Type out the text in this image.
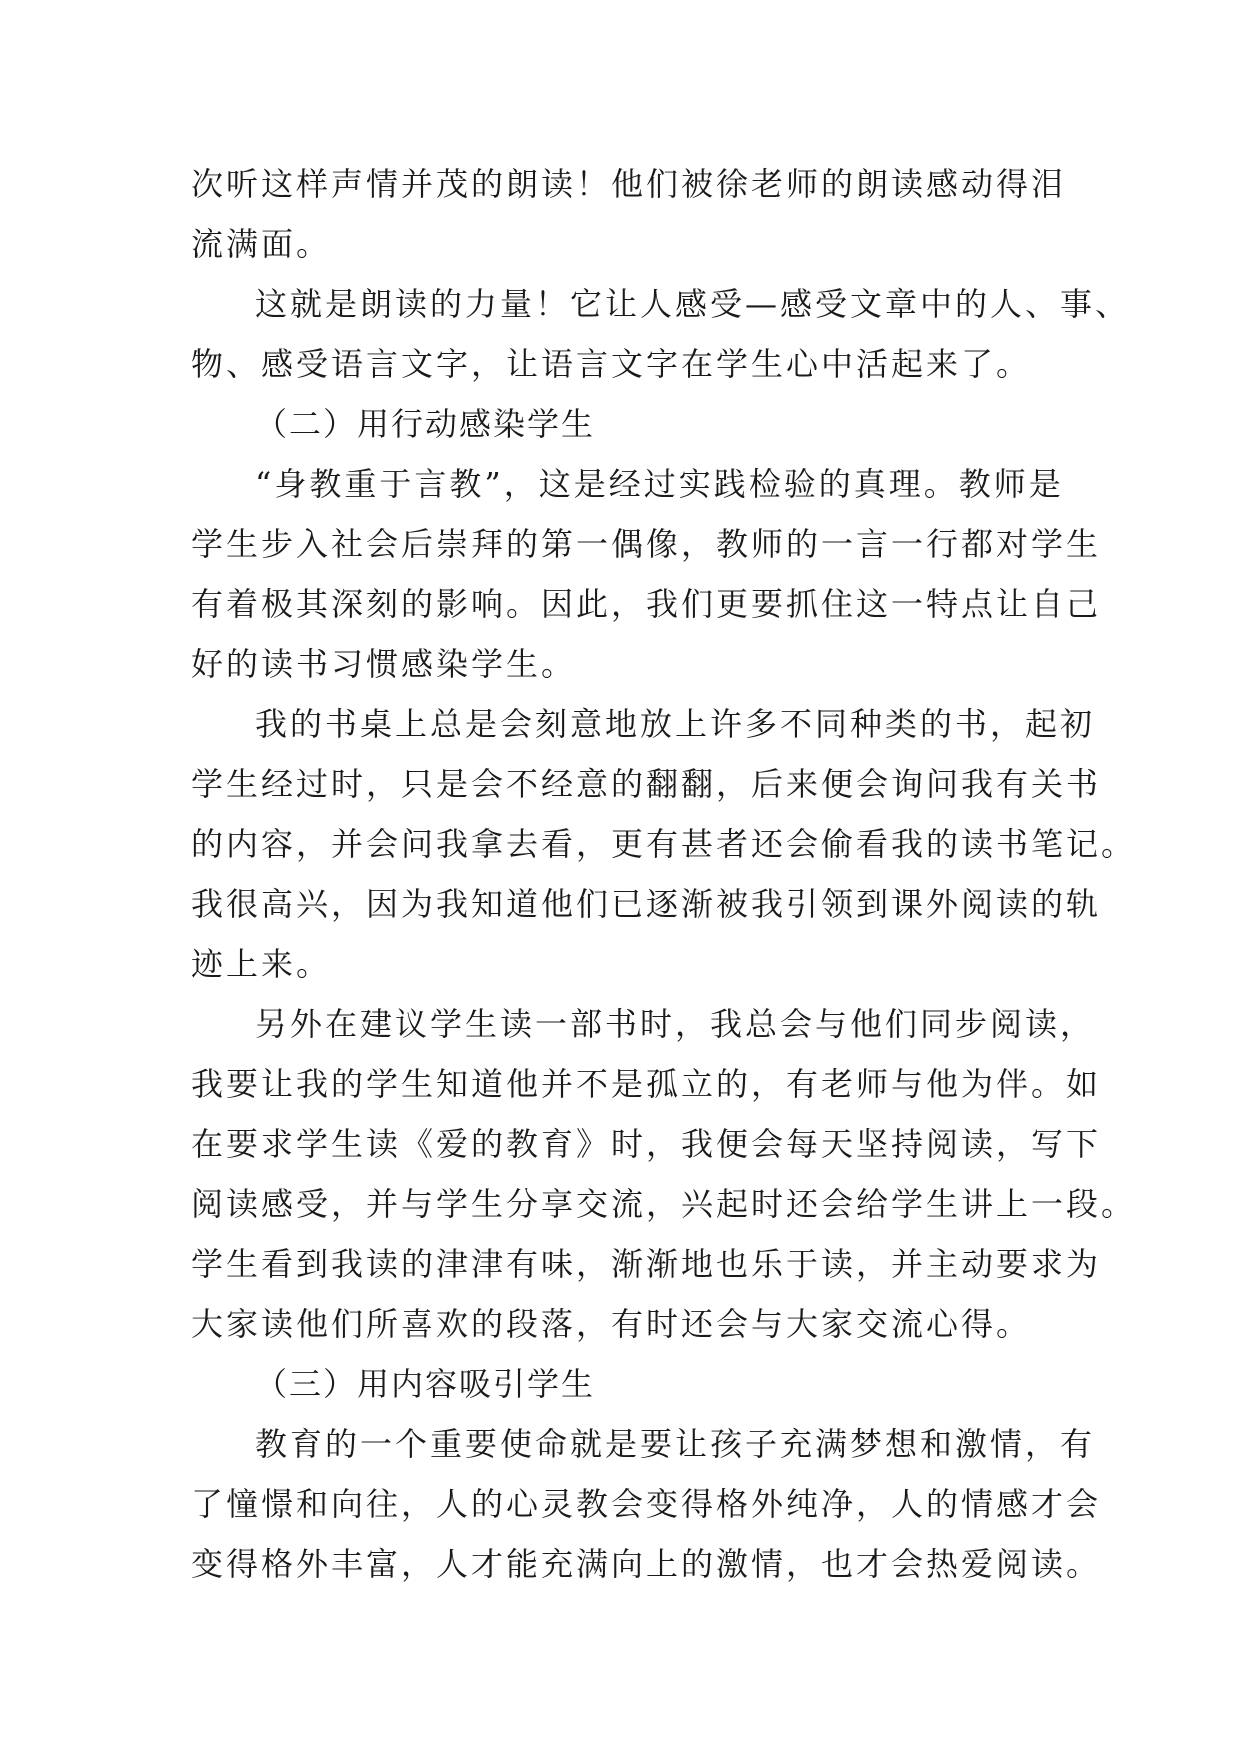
次听这样声情并茂的朗读！他们被徐老师的朗读感动得泪
流满面。
这就是朗读的力量！它让人感受—感受文章中的人、事、
物、感受语言文字，让语言文字在学生心中活起来了。
（二）用行动感染学生
“身教重于言教”，这是经过实践检验的真理。教师是
学生步入社会后崇拜的第一偶像，教师的一言一行都对学生
有着极其深刻的影响。因此，我们更要抓住这一特点让自己
好的读书习惯感染学生。
我的书桌上总是会刻意地放上许多不同种类的书，起初
学生经过时，只是会不经意的翻翻，后来便会询问我有关书
的内容，并会问我拿去看，更有甚者还会偷看我的读书笔记。
我很高兴，因为我知道他们已逐渐被我引领到课外阅读的轨
迹上来。
另外在建议学生读一部书时，我总会与他们同步阅读，
我要让我的学生知道他并不是孤立的，有老师与他为伴。如
在要求学生读《爱的教育》时，我便会每天坚持阅读，写下
阅读感受，并与学生分享交流，兴起时还会给学生讲上一段。
学生看到我读的津津有味，渐渐地也乐于读，并主动要求为
大家读他们所喜欢的段落，有时还会与大家交流心得。
（三）用内容吸引学生
教育的一个重要使命就是要让孩子充满梦想和激情，有
了憧憬和向往，人的心灵教会变得格外纯净，人的情感才会
变得格外丰富，人才能充满向上的激情，也才会热爱阅读。
